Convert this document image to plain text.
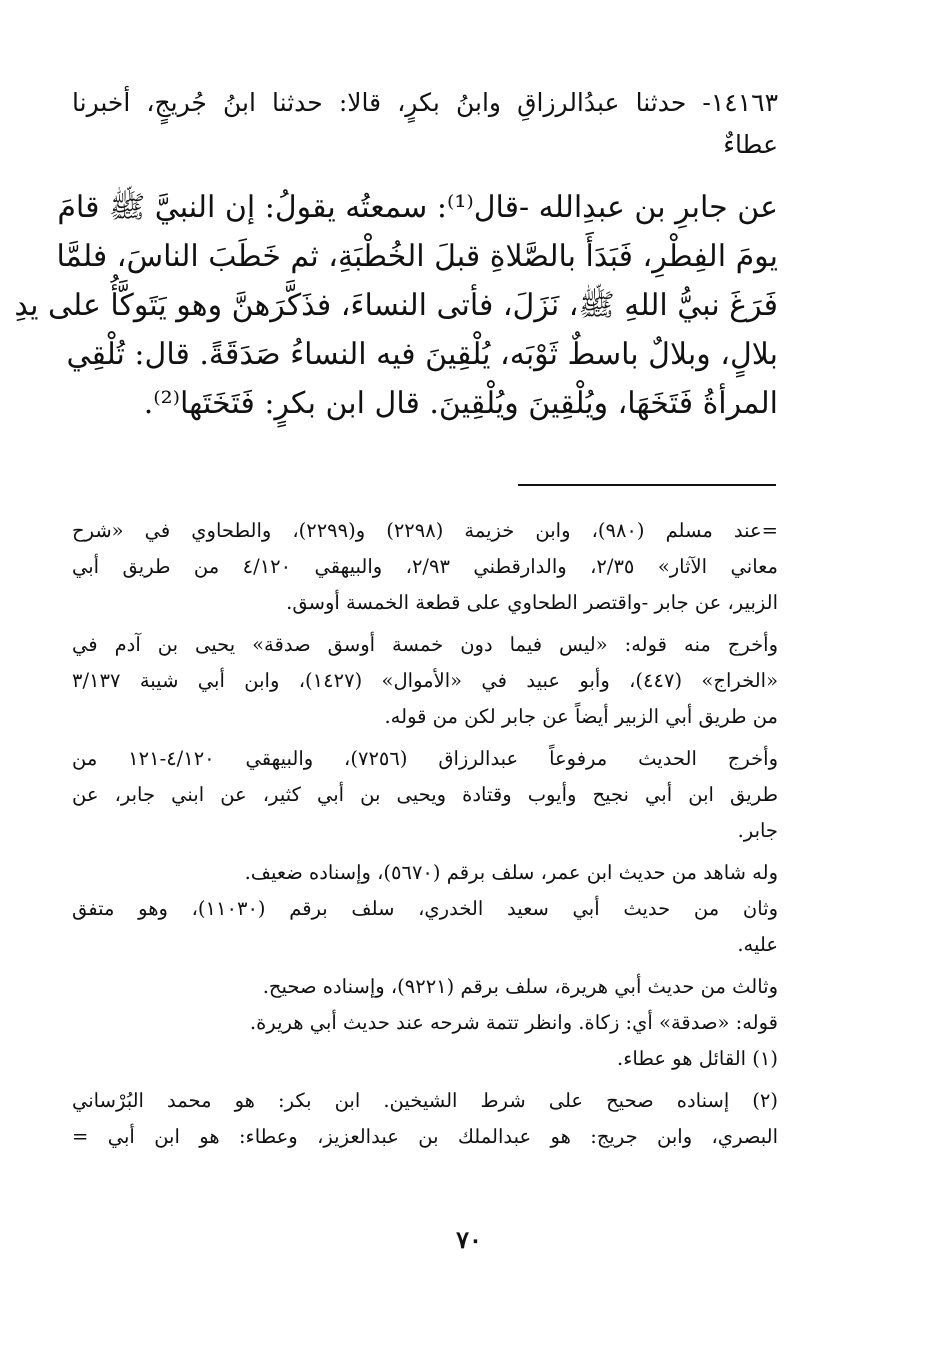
١٤١٦٣- حدثنا عبدُالرزاقِ وابنُ بكرٍ، قالا: حدثنا ابنُ جُريجٍ، أخبرنا

عطاءٌ

عن جابرِ بن عبدِالله -قال⁽¹⁾: سمعتُه يقولُ: إن النبيَّ ﷺ قامَ

يومَ الفِطْرِ، فَبَدَأَ بالصَّلاةِ قبلَ الخُطْبَةِ، ثم خَطَبَ الناسَ، فلمَّا

فَرَغَ نبيُّ اللهِ ﷺ، نَزَلَ، فأتى النساءَ، فذَكَّرَهنَّ وهو يَتَوكَّأُ على يدِ

بلالٍ، وبلالٌ باسطٌ ثَوْبَه، يُلْقِينَ فيه النساءُ صَدَقَةً. قال: تُلْقِي

المرأةُ فَتَخَهَا، ويُلْقِينَ ويُلْقِينَ. قال ابن بكرٍ: فَتَخَتَها⁽²⁾.

=عند مسلم (٩٨٠)، وابن خزيمة (٢٢٩٨) و(٢٢٩٩)، والطحاوي في «شرح

معاني الآثار» ٢/٣٥، والدارقطني ٢/٩٣، والبيهقي ٤/١٢٠ من طريق أبي

الزبير، عن جابر -واقتصر الطحاوي على قطعة الخمسة أوسق.

وأخرج منه قوله: «ليس فيما دون خمسة أوسق صدقة» يحيى بن آدم في

«الخراج» (٤٤٧)، وأبو عبيد في «الأموال» (١٤٢٧)، وابن أبي شيبة ٣/١٣٧

من طريق أبي الزبير أيضاً عن جابر لكن من قوله.

وأخرج الحديث مرفوعاً عبدالرزاق (٧٢٥٦)، والبيهقي ٤/١٢٠-١٢١ من

طريق ابن أبي نجيح وأيوب وقتادة ويحيى بن أبي كثير، عن ابني جابر، عن

جابر.

وله شاهد من حديث ابن عمر، سلف برقم (٥٦٧٠)، وإسناده ضعيف.

وثان من حديث أبي سعيد الخدري، سلف برقم (١١٠٣٠)، وهو متفق

عليه.

وثالث من حديث أبي هريرة، سلف برقم (٩٢٢١)، وإسناده صحيح.

قوله: «صدقة» أي: زكاة. وانظر تتمة شرحه عند حديث أبي هريرة.

(١) القائل هو عطاء.

(٢) إسناده صحيح على شرط الشيخين. ابن بكر: هو محمد البُرْساني

البصري، وابن جريج: هو عبدالملك بن عبدالعزيز، وعطاء: هو ابن أبي =

٧٠
